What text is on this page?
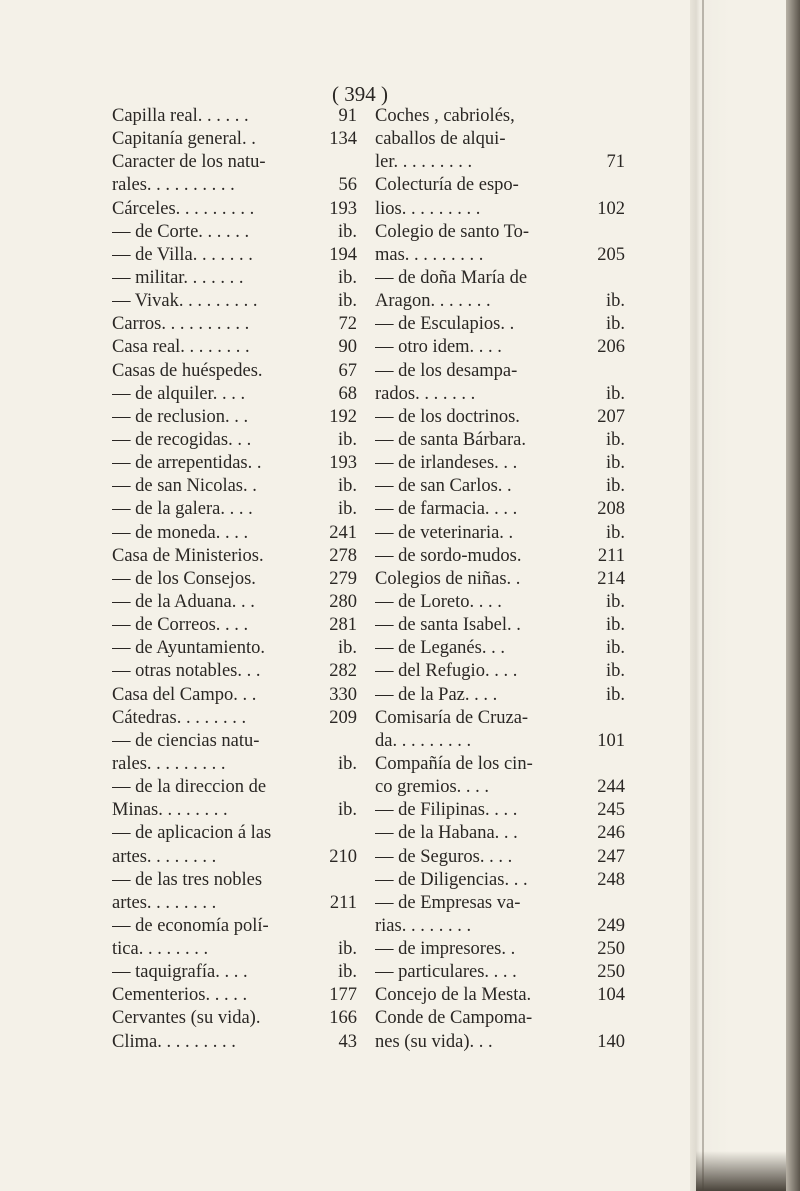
( 394 )
Capilla real. . . . . .	91
Capitanía general. .	134
Caracter de los natu-
rales. . . . . . . . . .	56
Cárceles. . . . . . . . .	193
— de Corte. . . . . .	ib.
— de Villa. . . . . . .	194
— militar. . . . . . .	ib.
— Vivak. . . . . . . . .	ib.
Carros. . . . . . . . . .	72
Casa real. . . . . . . .	90
Casas de huéspedes.	67
— de alquiler. . . .	68
— de reclusion. . .	192
— de recogidas. . .	ib.
— de arrepentidas. .	193
— de san Nicolas. .	ib.
— de la galera. . . .	ib.
— de moneda. . . .	241
Casa de Ministerios.	278
— de los Consejos.	279
— de la Aduana. . .	280
— de Correos. . . .	281
— de Ayuntamiento.	ib.
— otras notables. . .	282
Casa del Campo. . .	330
Cátedras. . . . . . . .	209
— de ciencias natu-
rales. . . . . . . . .	ib.
— de la direccion de
Minas. . . . . . . .	ib.
— de aplicacion á las
artes. . . . . . . .	210
— de las tres nobles
artes. . . . . . . .	211
— de economía polí-
tica. . . . . . . .	ib.
— taquigrafía. . . .	ib.
Cementerios. . . . .	177
Cervantes (su vida).	166
Clima. . . . . . . . .	43
Coches , cabriolés,
caballos de alqui-
ler. . . . . . . . .	71
Colecturía de espo-
lios. . . . . . . . .	102
Colegio de santo To-
mas. . . . . . . . .	205
— de doña María de
Aragon. . . . . . .	ib.
— de Esculapios. .	ib.
— otro idem. . . .	206
— de los desampa-
rados. . . . . . .	ib.
— de los doctrinos.	207
— de santa Bárbara.	ib.
— de irlandeses. . .	ib.
— de san Carlos. .	ib.
— de farmacia. . . .	208
— de veterinaria. .	ib.
— de sordo-mudos.	211
Colegios de niñas. .	214
— de Loreto. . . .	ib.
— de santa Isabel. .	ib.
— de Leganés. . .	ib.
— del Refugio. . . .	ib.
— de la Paz. . . .	ib.
Comisaría de Cruza-
da. . . . . . . . .	101
Compañía de los cin-
co gremios. . . .	244
— de Filipinas. . . .	245
— de la Habana. . .	246
— de Seguros. . . .	247
— de Diligencias. . .	248
— de Empresas va-
rias. . . . . . . .	249
— de impresores. .	250
— particulares. . . .	250
Concejo de la Mesta.	104
Conde de Campoma-
nes (su vida). . .	140
